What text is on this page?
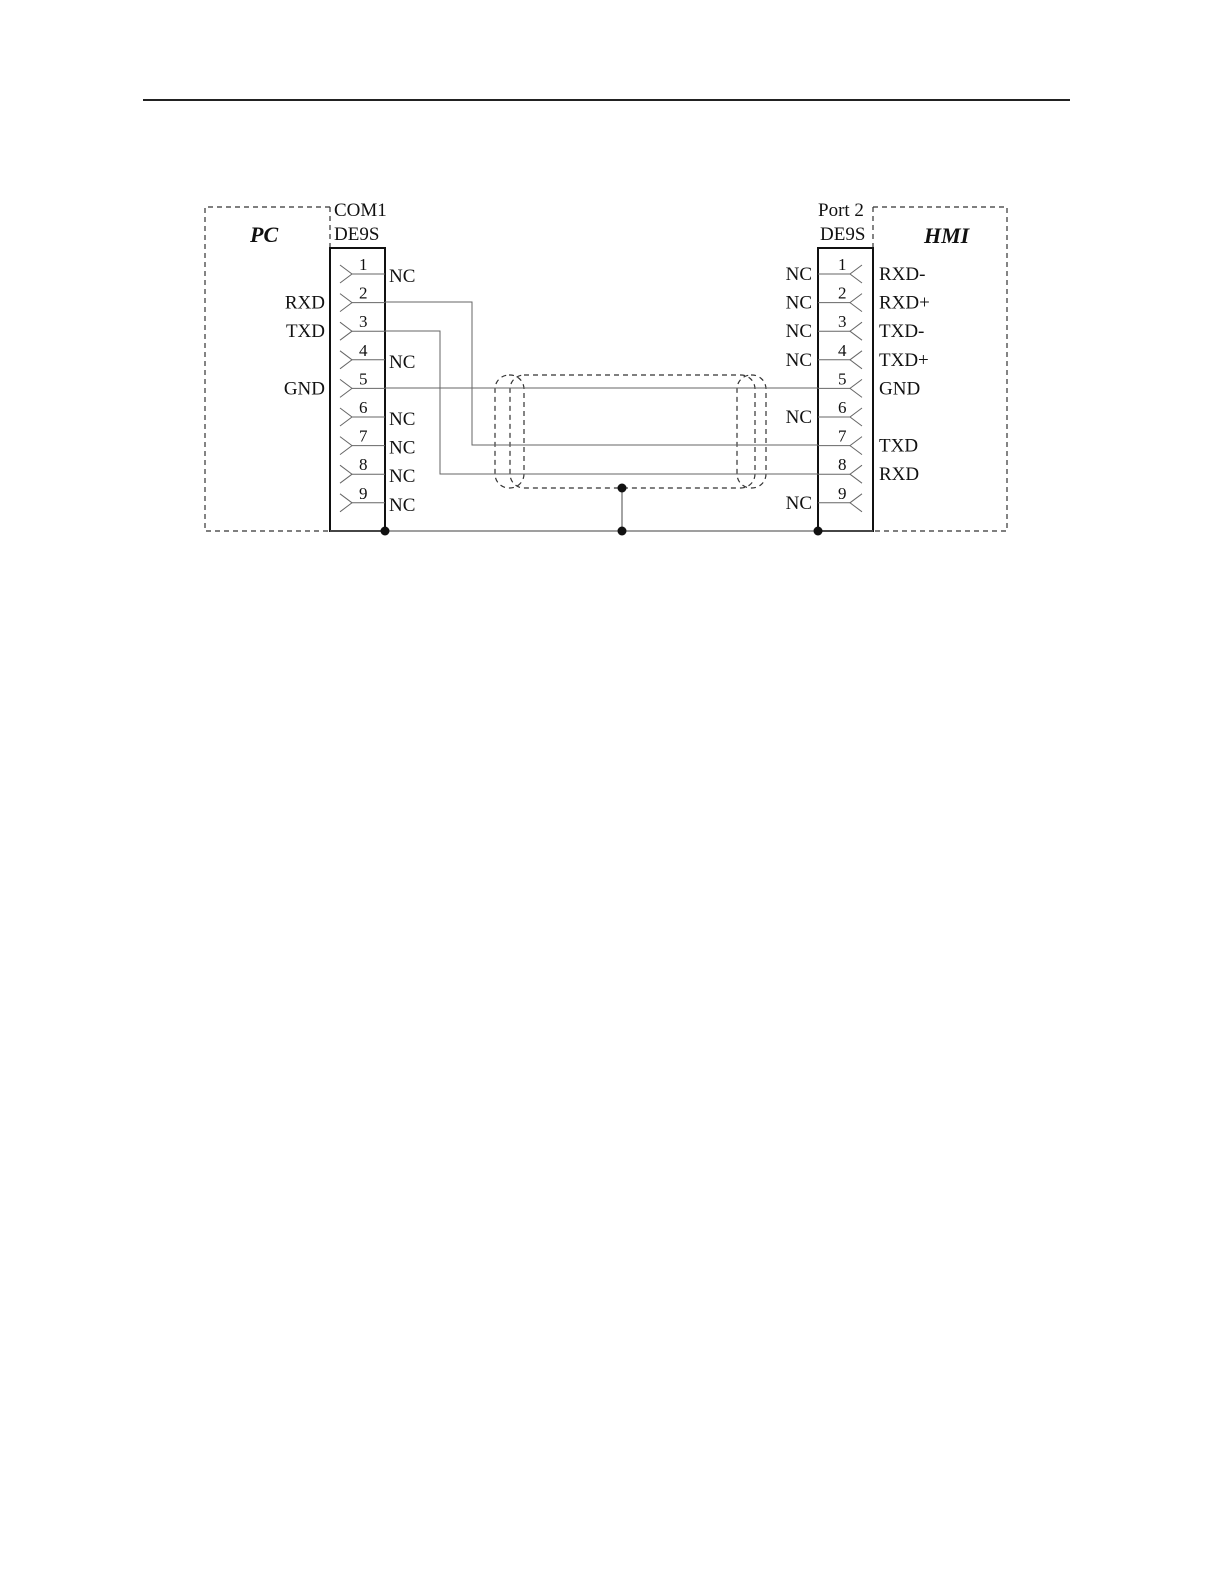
PC	HMI
COM1
DE9S
Port 2
DE9S
1
NC
2
RXD
3
TXD
4
NC
5
GND
6
NC
7
NC
8
NC
9
NC
1
NC	RXD-
2
NC	RXD+
3
NC	TXD-
4
NC	TXD+
5 GND
6
NC
7 TXD
8 RXD
9
NC
